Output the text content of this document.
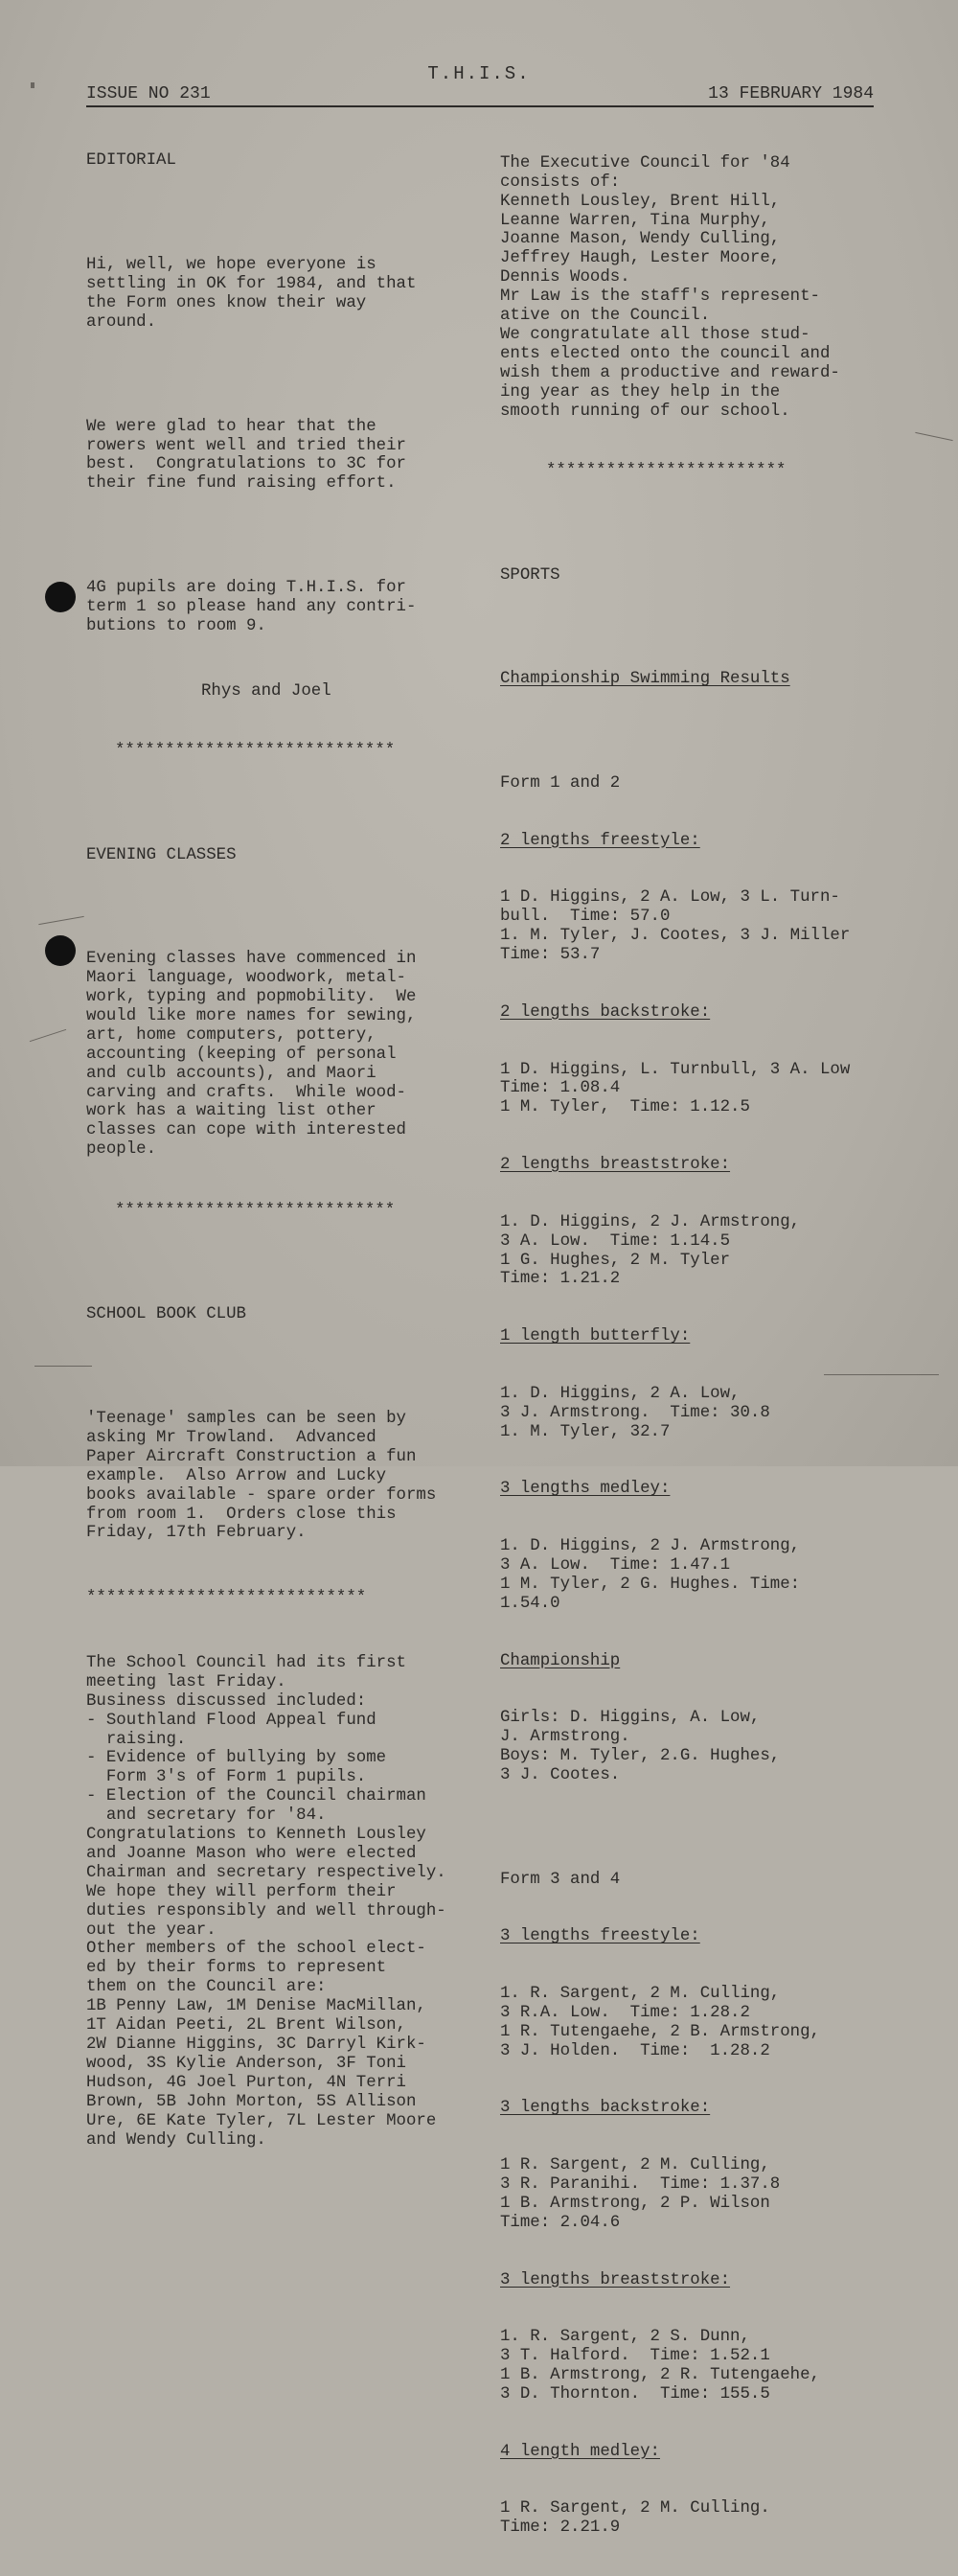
T.H.I.S.
ISSUE NO 231	13 FEBRUARY 1984

EDITORIAL

Hi, well, we hope everyone is
settling in OK for 1984, and that
the Form ones know their way
around.

We were glad to hear that the
rowers went well and tried their
best.  Congratulations to 3C for
their fine fund raising effort.

4G pupils are doing T.H.I.S. for
term 1 so please hand any contri-
butions to room 9.

Rhys and Joel

****************************

EVENING CLASSES

Evening classes have commenced in
Maori language, woodwork, metal-
work, typing and popmobility.  We
would like more names for sewing,
art, home computers, pottery,
accounting (keeping of personal
and culb accounts), and Maori
carving and crafts.  While wood-
work has a waiting list other
classes can cope with interested
people.

****************************

SCHOOL BOOK CLUB

'Teenage' samples can be seen by
asking Mr Trowland.  Advanced
Paper Aircraft Construction a fun
example.  Also Arrow and Lucky
books available - spare order forms
from room 1.  Orders close this
Friday, 17th February.

****************************

The School Council had its first
meeting last Friday.
Business discussed included:
- Southland Flood Appeal fund
raising.
- Evidence of bullying by some
Form 3's of Form 1 pupils.
- Election of the Council chairman
and secretary for '84.
Congratulations to Kenneth Lousley
and Joanne Mason who were elected
Chairman and secretary respectively.
We hope they will perform their
duties responsibly and well through-
out the year.
Other members of the school elect-
ed by their forms to represent
them on the Council are:
1B Penny Law, 1M Denise MacMillan,
1T Aidan Peeti, 2L Brent Wilson,
2W Dianne Higgins, 3C Darryl Kirk-
wood, 3S Kylie Anderson, 3F Toni
Hudson, 4G Joel Purton, 4N Terri
Brown, 5B John Morton, 5S Allison
Ure, 6E Kate Tyler, 7L Lester Moore
and Wendy Culling.

The Executive Council for '84
consists of:
Kenneth Lousley, Brent Hill,
Leanne Warren, Tina Murphy,
Joanne Mason, Wendy Culling,
Jeffrey Haugh, Lester Moore,
Dennis Woods.
Mr Law is the staff's represent-
ative on the Council.
We congratulate all those stud-
ents elected onto the council and
wish them a productive and reward-
ing year as they help in the
smooth running of our school.

************************

SPORTS

Championship Swimming Results

Form 1 and 2

2 lengths freestyle:

1 D. Higgins, 2 A. Low, 3 L. Turn-
bull.  Time: 57.0
1. M. Tyler, J. Cootes, 3 J. Miller
Time: 53.7

2 lengths backstroke:

1 D. Higgins, L. Turnbull, 3 A. Low
Time: 1.08.4
1 M. Tyler,  Time: 1.12.5

2 lengths breaststroke:

1. D. Higgins, 2 J. Armstrong,
3 A. Low.  Time: 1.14.5
1 G. Hughes, 2 M. Tyler
Time: 1.21.2

1 length butterfly:

1. D. Higgins, 2 A. Low,
3 J. Armstrong.  Time: 30.8
1. M. Tyler, 32.7

3 lengths medley:

1. D. Higgins, 2 J. Armstrong,
3 A. Low.  Time: 1.47.1
1 M. Tyler, 2 G. Hughes. Time:
1.54.0

Championship

Girls: D. Higgins, A. Low,
J. Armstrong.
Boys: M. Tyler, 2.G. Hughes,
3 J. Cootes.

Form 3 and 4

3 lengths freestyle:

1. R. Sargent, 2 M. Culling,
3 R.A. Low.  Time: 1.28.2
1 R. Tutengaehe, 2 B. Armstrong,
3 J. Holden.  Time:  1.28.2

3 lengths backstroke:

1 R. Sargent, 2 M. Culling,
3 R. Paranihi.  Time: 1.37.8
1 B. Armstrong, 2 P. Wilson
Time: 2.04.6

3 lengths breaststroke:

1. R. Sargent, 2 S. Dunn,
3 T. Halford.  Time: 1.52.1
1 B. Armstrong, 2 R. Tutengaehe,
3 D. Thornton.  Time: 155.5

4 length medley:

1 R. Sargent, 2 M. Culling.
Time: 2.21.9
